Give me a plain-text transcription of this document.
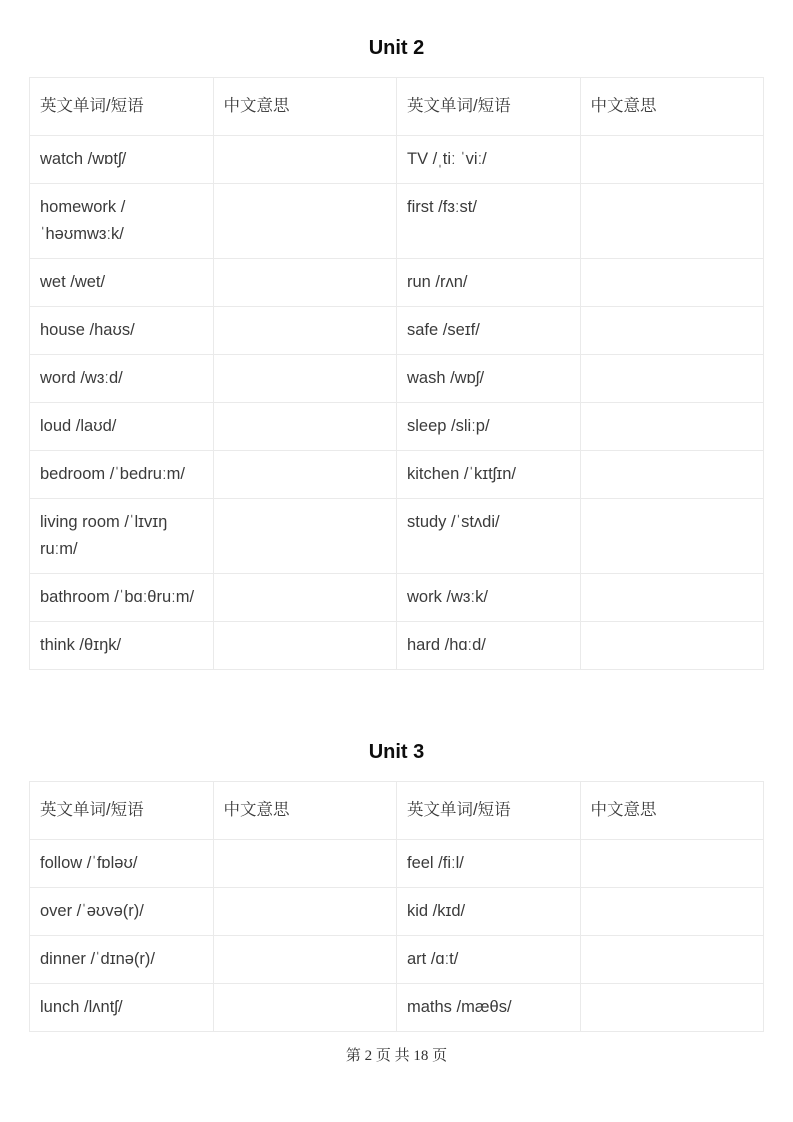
Unit 2
英文单词/短语	中文意思	英文单词/短语	中文意思
watch /wɒtʃ/		TV /ˌtiː ˈviː/	
homework /ˈhəʊmwɜːk/		first /fɜːst/	
wet /wet/		run /rʌn/	
house /haʊs/		safe /seɪf/	
word /wɜːd/		wash /wɒʃ/	
loud /laʊd/		sleep /sliːp/	
bedroom /ˈbedruːm/		kitchen /ˈkɪtʃɪn/	
living room /ˈlɪvɪŋ ruːm/		study /ˈstʌdi/	
bathroom /ˈbɑːθruːm/		work /wɜːk/	
think /θɪŋk/		hard /hɑːd/	
Unit 3
英文单词/短语	中文意思	英文单词/短语	中文意思
follow /ˈfɒləʊ/		feel /fiːl/	
over /ˈəʊvə(r)/		kid /kɪd/	
dinner /ˈdɪnə(r)/		art /ɑːt/	
lunch /lʌntʃ/		maths /mæθs/	
第 2 页 共 18 页
